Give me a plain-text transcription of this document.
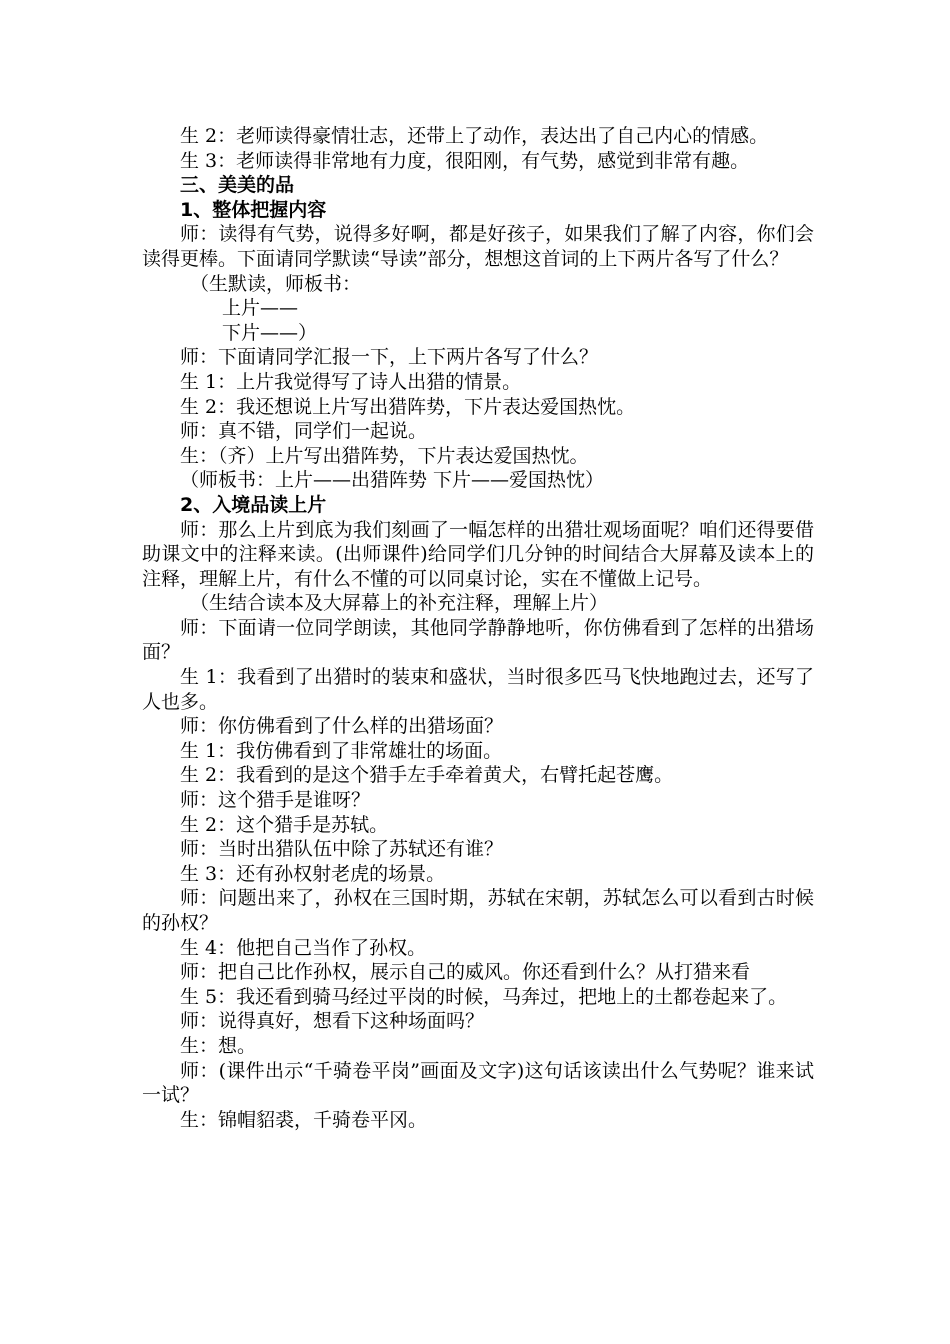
生 2：老师读得豪情壮志，还带上了动作，表达出了自己内心的情感。

生 3：老师读得非常地有力度，很阳刚，有气势，感觉到非常有趣。

三、美美的品

1、整体把握内容

师：读得有气势，说得多好啊，都是好孩子，如果我们了解了内容，你们会读得更棒。下面请同学默读“导读”部分，想想这首词的上下两片各写了什么？

（生默读，师板书：

上片——

下片——）

师：下面请同学汇报一下，上下两片各写了什么？

生 1：上片我觉得写了诗人出猎的情景。

生 2：我还想说上片写出猎阵势，下片表达爱国热忱。

师：真不错，同学们一起说。

生：（齐）上片写出猎阵势，下片表达爱国热忱。

（师板书：上片——出猎阵势 下片——爱国热忱）

2、入境品读上片

师：那么上片到底为我们刻画了一幅怎样的出猎壮观场面呢？咱们还得要借助课文中的注释来读。(出师课件)给同学们几分钟的时间结合大屏幕及读本上的注释，理解上片，有什么不懂的可以同桌讨论，实在不懂做上记号。

（生结合读本及大屏幕上的补充注释，理解上片）

师：下面请一位同学朗读，其他同学静静地听，你仿佛看到了怎样的出猎场面？

生 1：我看到了出猎时的装束和盛状，当时很多匹马飞快地跑过去，还写了人也多。

师：你仿佛看到了什么样的出猎场面？

生 1：我仿佛看到了非常雄壮的场面。

生 2：我看到的是这个猎手左手牵着黄犬，右臂托起苍鹰。

师：这个猎手是谁呀？

生 2：这个猎手是苏轼。

师：当时出猎队伍中除了苏轼还有谁？

生 3：还有孙权射老虎的场景。

师：问题出来了，孙权在三国时期，苏轼在宋朝，苏轼怎么可以看到古时候的孙权？

生 4：他把自己当作了孙权。

师：把自己比作孙权，展示自己的威风。你还看到什么？从打猎来看

生 5：我还看到骑马经过平岗的时候，马奔过，把地上的土都卷起来了。

师：说得真好，想看下这种场面吗？

生：想。

师：(课件出示“千骑卷平岗”画面及文字)这句话该读出什么气势呢？谁来试一试？

生：锦帽貂裘，千骑卷平冈。
